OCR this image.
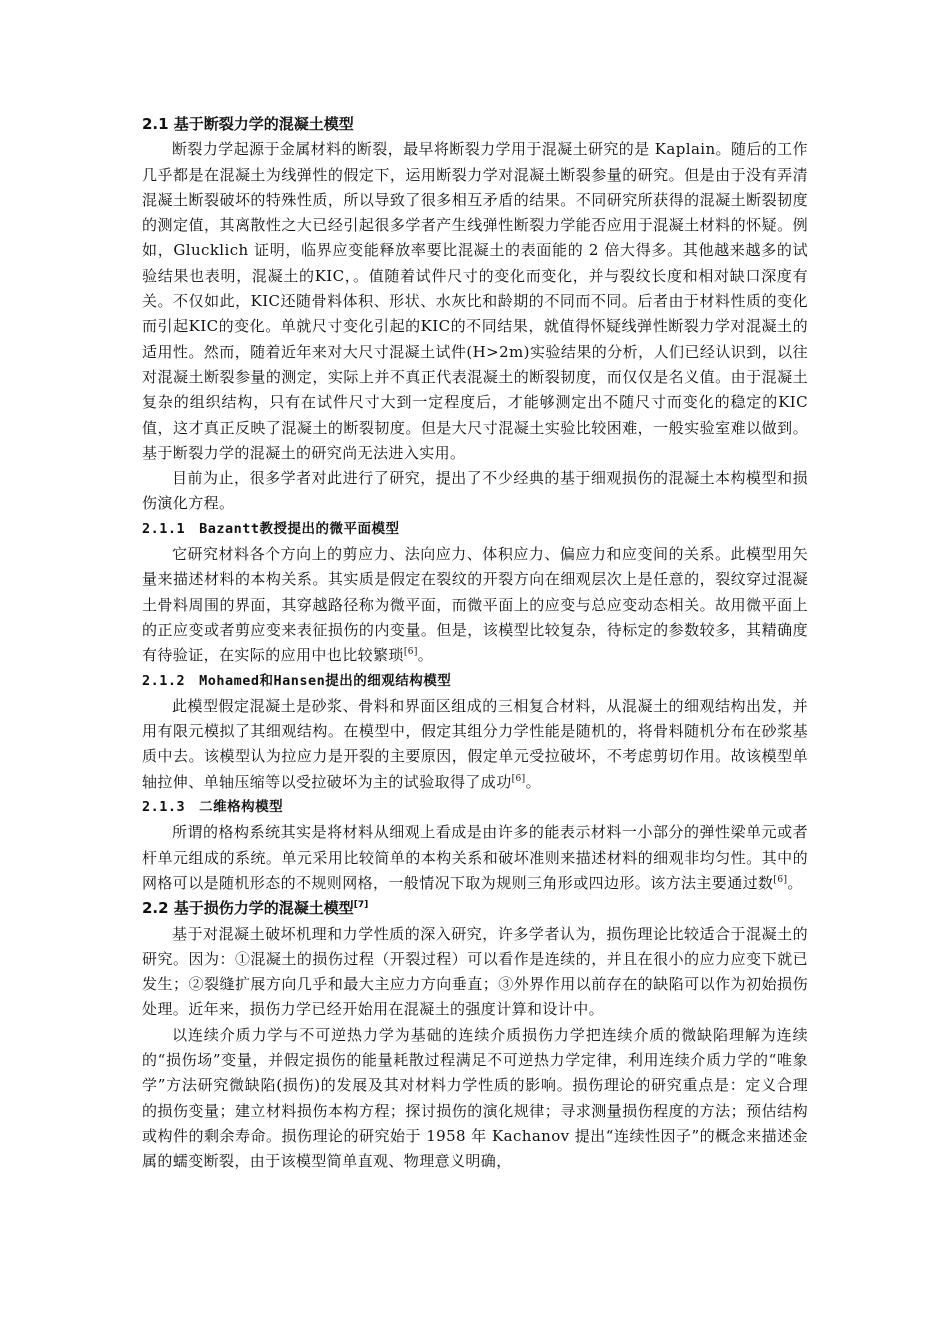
2.1 基于断裂力学的混凝土模型

断裂力学起源于金属材料的断裂，最早将断裂力学用于混凝土研究的是 Kaplain。随后的工作几乎都是在混凝土为线弹性的假定下，运用断裂力学对混凝土断裂参量的研究。但是由于没有弄清混凝土断裂破坏的特殊性质，所以导致了很多相互矛盾的结果。不同研究所获得的混凝土断裂韧度的测定值，其离散性之大已经引起很多学者产生线弹性断裂力学能否应用于混凝土材料的怀疑。例如，Glucklich 证明，临界应变能释放率要比混凝土的表面能的 2 倍大得多。其他越来越多的试验结果也表明，混凝土的KIC，。值随着试件尺寸的变化而变化，并与裂纹长度和相对缺口深度有关。不仅如此，KIC还随骨料体积、形状、水灰比和龄期的不同而不同。后者由于材料性质的变化而引起KIC的变化。单就尺寸变化引起的KIC的不同结果，就值得怀疑线弹性断裂力学对混凝土的适用性。然而，随着近年来对大尺寸混凝土试件(H>2m)实验结果的分析，人们已经认识到，以往对混凝土断裂参量的测定，实际上并不真正代表混凝土的断裂韧度，而仅仅是名义值。由于混凝土复杂的组织结构，只有在试件尺寸大到一定程度后，才能够测定出不随尺寸而变化的稳定的KIC值，这才真正反映了混凝土的断裂韧度。但是大尺寸混凝土实验比较困难，一般实验室难以做到。基于断裂力学的混凝土的研究尚无法进入实用。

目前为止，很多学者对此进行了研究，提出了不少经典的基于细观损伤的混凝土本构模型和损伤演化方程。

2.1.1　Bazantt教授提出的微平面模型

它研究材料各个方向上的剪应力、法向应力、体积应力、偏应力和应变间的关系。此模型用矢量来描述材料的本构关系。其实质是假定在裂纹的开裂方向在细观层次上是任意的，裂纹穿过混凝土骨料周围的界面，其穿越路径称为微平面，而微平面上的应变与总应变动态相关。故用微平面上的正应变或者剪应变来表征损伤的内变量。但是，该模型比较复杂，待标定的参数较多，其精确度有待验证，在实际的应用中也比较繁琐[6]。

2.1.2　Mohamed和Hansen提出的细观结构模型

此模型假定混凝土是砂浆、骨料和界面区组成的三相复合材料，从混凝土的细观结构出发，并用有限元模拟了其细观结构。在模型中，假定其组分力学性能是随机的，将骨料随机分布在砂浆基质中去。该模型认为拉应力是开裂的主要原因，假定单元受拉破坏，不考虑剪切作用。故该模型单轴拉伸、单轴压缩等以受拉破坏为主的试验取得了成功[6]。

2.1.3　二维格构模型

所谓的格构系统其实是将材料从细观上看成是由许多的能表示材料一小部分的弹性梁单元或者杆单元组成的系统。单元采用比较简单的本构关系和破坏准则来描述材料的细观非均匀性。其中的网格可以是随机形态的不规则网格，一般情况下取为规则三角形或四边形。该方法主要通过数[6]。

2.2 基于损伤力学的混凝土模型[7]

基于对混凝土破坏机理和力学性质的深入研究，许多学者认为，损伤理论比较适合于混凝土的研究。因为：①混凝土的损伤过程（开裂过程）可以看作是连续的，并且在很小的应力应变下就已发生；②裂缝扩展方向几乎和最大主应力方向垂直；③外界作用以前存在的缺陷可以作为初始损伤处理。近年来，损伤力学已经开始用在混凝土的强度计算和设计中。

以连续介质力学与不可逆热力学为基础的连续介质损伤力学把连续介质的微缺陷理解为连续的“损伤场”变量，并假定损伤的能量耗散过程满足不可逆热力学定律，利用连续介质力学的“唯象学”方法研究微缺陷(损伤)的发展及其对材料力学性质的影响。损伤理论的研究重点是：定义合理的损伤变量；建立材料损伤本构方程；探讨损伤的演化规律；寻求测量损伤程度的方法；预估结构或构件的剩余寿命。损伤理论的研究始于 1958 年 Kachanov 提出“连续性因子”的概念来描述金属的蠕变断裂，由于该模型简单直观、物理意义明确，
